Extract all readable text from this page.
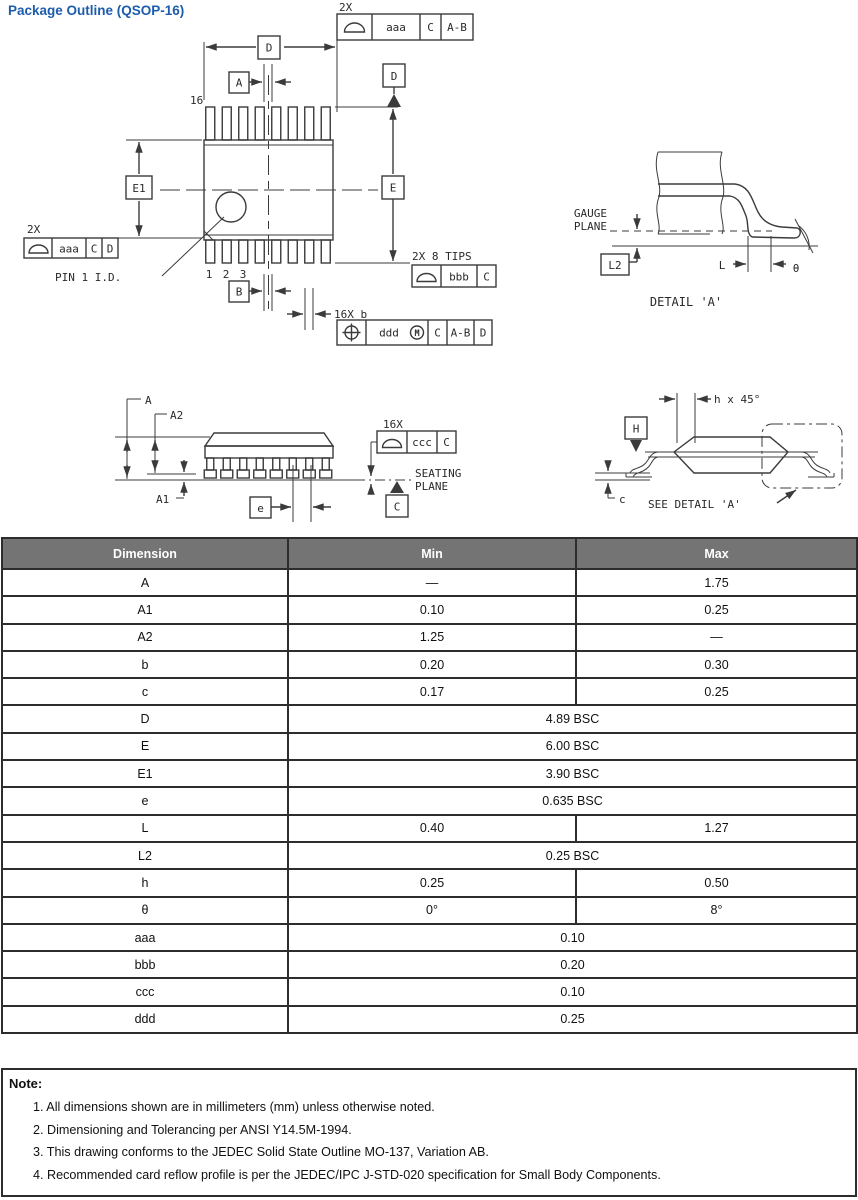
Package Outline (QSOP-16)
PIN 1 I.D.
16
1 2 3
D
A
B
E1	E
D
2X
aaa C A-B
2X
aaa C D
2X 8 TIPS
bbb C
16X b
ddd M C A-B D
GAUGE
PLANE
L2	L	θ
DETAIL 'A'
A
A2
A1
16X
ccc C
C
SEATING
PLANE
e
h x 45°
H
c SEE DETAIL 'A'
Dimension	Min	Max
A	—	1.75
A1	0.10	0.25
A2	1.25	—
b	0.20	0.30
c	0.17	0.25
D	4.89 BSC	
E	6.00 BSC	
E1	3.90 BSC	
e	0.635 BSC	
L	0.40	1.27
L2	0.25 BSC	
h	0.25	0.50
θ	0°	8°
aaa	0.10	
bbb	0.20	
ccc	0.10	
ddd	0.25	
Note:
1. All dimensions shown are in millimeters (mm) unless otherwise noted.
2. Dimensioning and Tolerancing per ANSI Y14.5M-1994.
3. This drawing conforms to the JEDEC Solid State Outline MO-137, Variation AB.
4. Recommended card reflow profile is per the JEDEC/IPC J-STD-020 specification for Small Body Components.
